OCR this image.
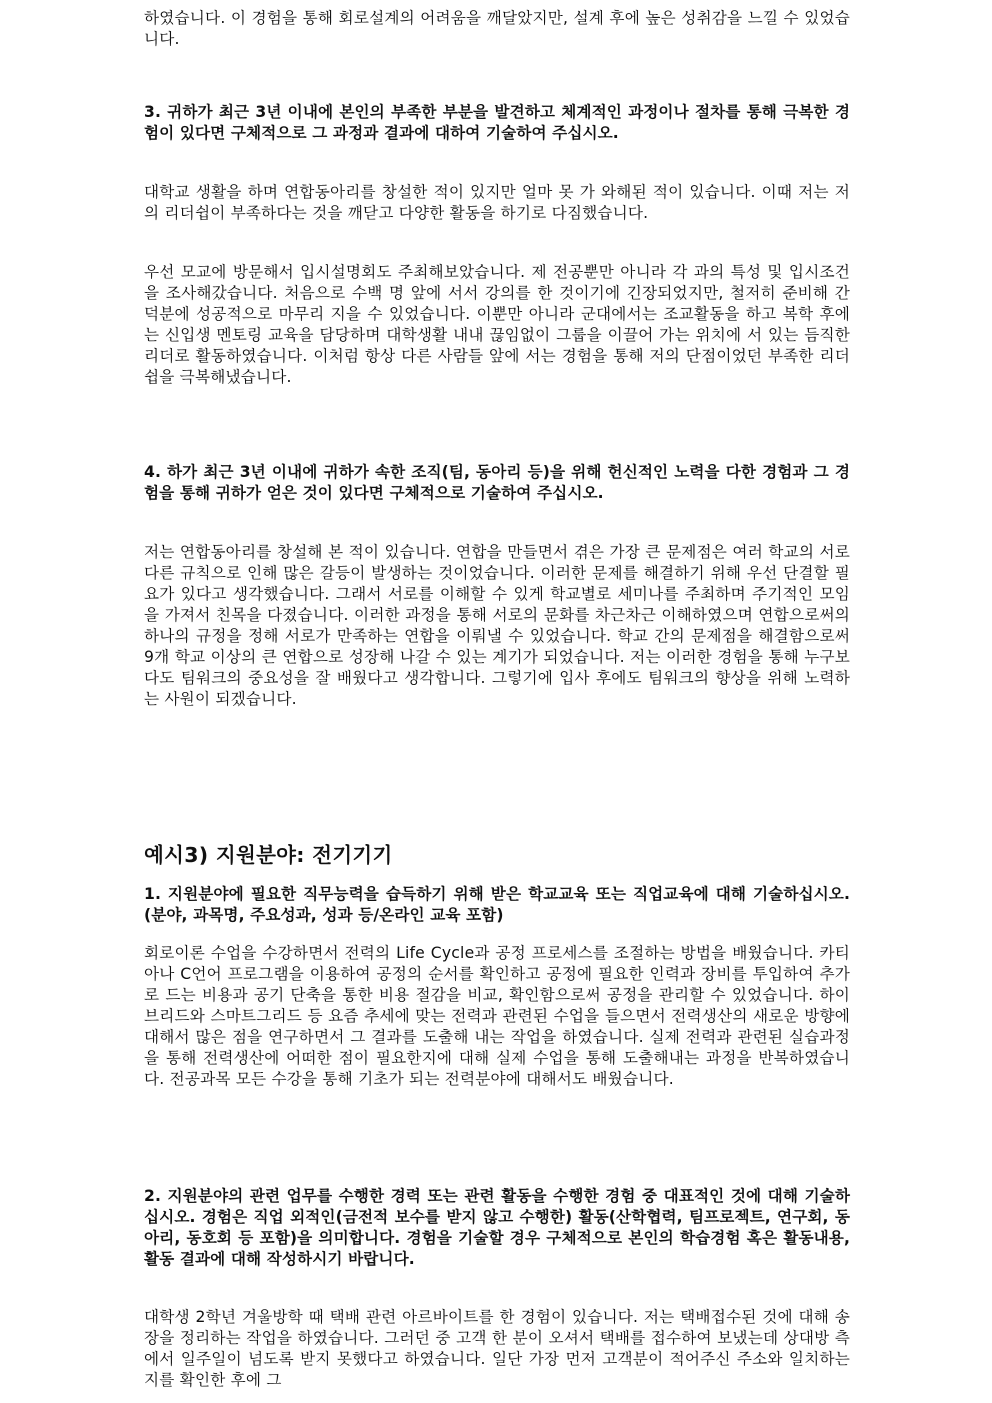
하였습니다. 이 경험을 통해 회로설계의 어려움을 깨달았지만, 설계 후에 높은 성취감을 느낄 수 있었습니다.

3. 귀하가 최근 3년 이내에 본인의 부족한 부분을 발견하고 체계적인 과정이나 절차를 통해 극복한 경험이 있다면 구체적으로 그 과정과 결과에 대하여 기술하여 주십시오.

대학교 생활을 하며 연합동아리를 창설한 적이 있지만 얼마 못 가 와해된 적이 있습니다. 이때 저는 저의 리더쉽이 부족하다는 것을 깨닫고 다양한 활동을 하기로 다짐했습니다.

우선 모교에 방문해서 입시설명회도 주최해보았습니다. 제 전공뿐만 아니라 각 과의 특성 및 입시조건을 조사해갔습니다. 처음으로 수백 명 앞에 서서 강의를 한 것이기에 긴장되었지만, 철저히 준비해 간 덕분에 성공적으로 마무리 지을 수 있었습니다. 이뿐만 아니라 군대에서는 조교활동을 하고 복학 후에는 신입생 멘토링 교육을 담당하며 대학생활 내내 끊임없이 그룹을 이끌어 가는 위치에 서 있는 듬직한 리더로 활동하였습니다. 이처럼 항상 다른 사람들 앞에 서는 경험을 통해 저의 단점이었던 부족한 리더쉽을 극복해냈습니다.

4. 하가 최근 3년 이내에 귀하가 속한 조직(팀, 동아리 등)을 위해 헌신적인 노력을 다한 경험과 그 경험을 통해 귀하가 얻은 것이 있다면 구체적으로 기술하여 주십시오.

저는 연합동아리를 창설해 본 적이 있습니다. 연합을 만들면서 겪은 가장 큰 문제점은 여러 학교의 서로 다른 규칙으로 인해 많은 갈등이 발생하는 것이었습니다. 이러한 문제를 해결하기 위해 우선 단결할 필요가 있다고 생각했습니다. 그래서 서로를 이해할 수 있게 학교별로 세미나를 주최하며 주기적인 모임을 가져서 친목을 다졌습니다. 이러한 과정을 통해 서로의 문화를 차근차근 이해하였으며 연합으로써의 하나의 규정을 정해 서로가 만족하는 연합을 이뤄낼 수 있었습니다. 학교 간의 문제점을 해결함으로써 9개 학교 이상의 큰 연합으로 성장해 나갈 수 있는 계기가 되었습니다. 저는 이러한 경험을 통해 누구보다도 팀워크의 중요성을 잘 배웠다고 생각합니다. 그렇기에 입사 후에도 팀워크의 향상을 위해 노력하는 사원이 되겠습니다.

예시3) 지원분야: 전기기기

1. 지원분야에 필요한 직무능력을 습득하기 위해 받은 학교교육 또는 직업교육에 대해 기술하십시오. (분야, 과목명, 주요성과, 성과 등/온라인 교육 포함)

회로이론 수업을 수강하면서 전력의 Life Cycle과 공정 프로세스를 조절하는 방법을 배웠습니다. 카티아나 C언어 프로그램을 이용하여 공정의 순서를 확인하고 공정에 필요한 인력과 장비를 투입하여 추가로 드는 비용과 공기 단축을 통한 비용 절감을 비교, 확인함으로써 공정을 관리할 수 있었습니다. 하이브리드와 스마트그리드 등 요즘 추세에 맞는 전력과 관련된 수업을 들으면서 전력생산의 새로운 방향에 대해서 많은 점을 연구하면서 그 결과를 도출해 내는 작업을 하였습니다. 실제 전력과 관련된 실습과정을 통해 전력생산에 어떠한 점이 필요한지에 대해 실제 수업을 통해 도출해내는 과정을 반복하였습니다. 전공과목 모든 수강을 통해 기초가 되는 전력분야에 대해서도 배웠습니다.

2. 지원분야의 관련 업무를 수행한 경력 또는 관련 활동을 수행한 경험 중 대표적인 것에 대해 기술하십시오. 경험은 직업 외적인(금전적 보수를 받지 않고 수행한) 활동(산학협력, 팀프로젝트, 연구회, 동아리, 동호회 등 포함)을 의미합니다. 경험을 기술할 경우 구체적으로 본인의 학습경험 혹은 활동내용, 활동 결과에 대해 작성하시기 바랍니다.

대학생 2학년 겨울방학 때 택배 관련 아르바이트를 한 경험이 있습니다. 저는 택배접수된 것에 대해 송장을 정리하는 작업을 하였습니다. 그러던 중 고객 한 분이 오셔서 택배를 접수하여 보냈는데 상대방 측에서 일주일이 넘도록 받지 못했다고 하였습니다. 일단 가장 먼저 고객분이 적어주신 주소와 일치하는지를 확인한 후에 그
